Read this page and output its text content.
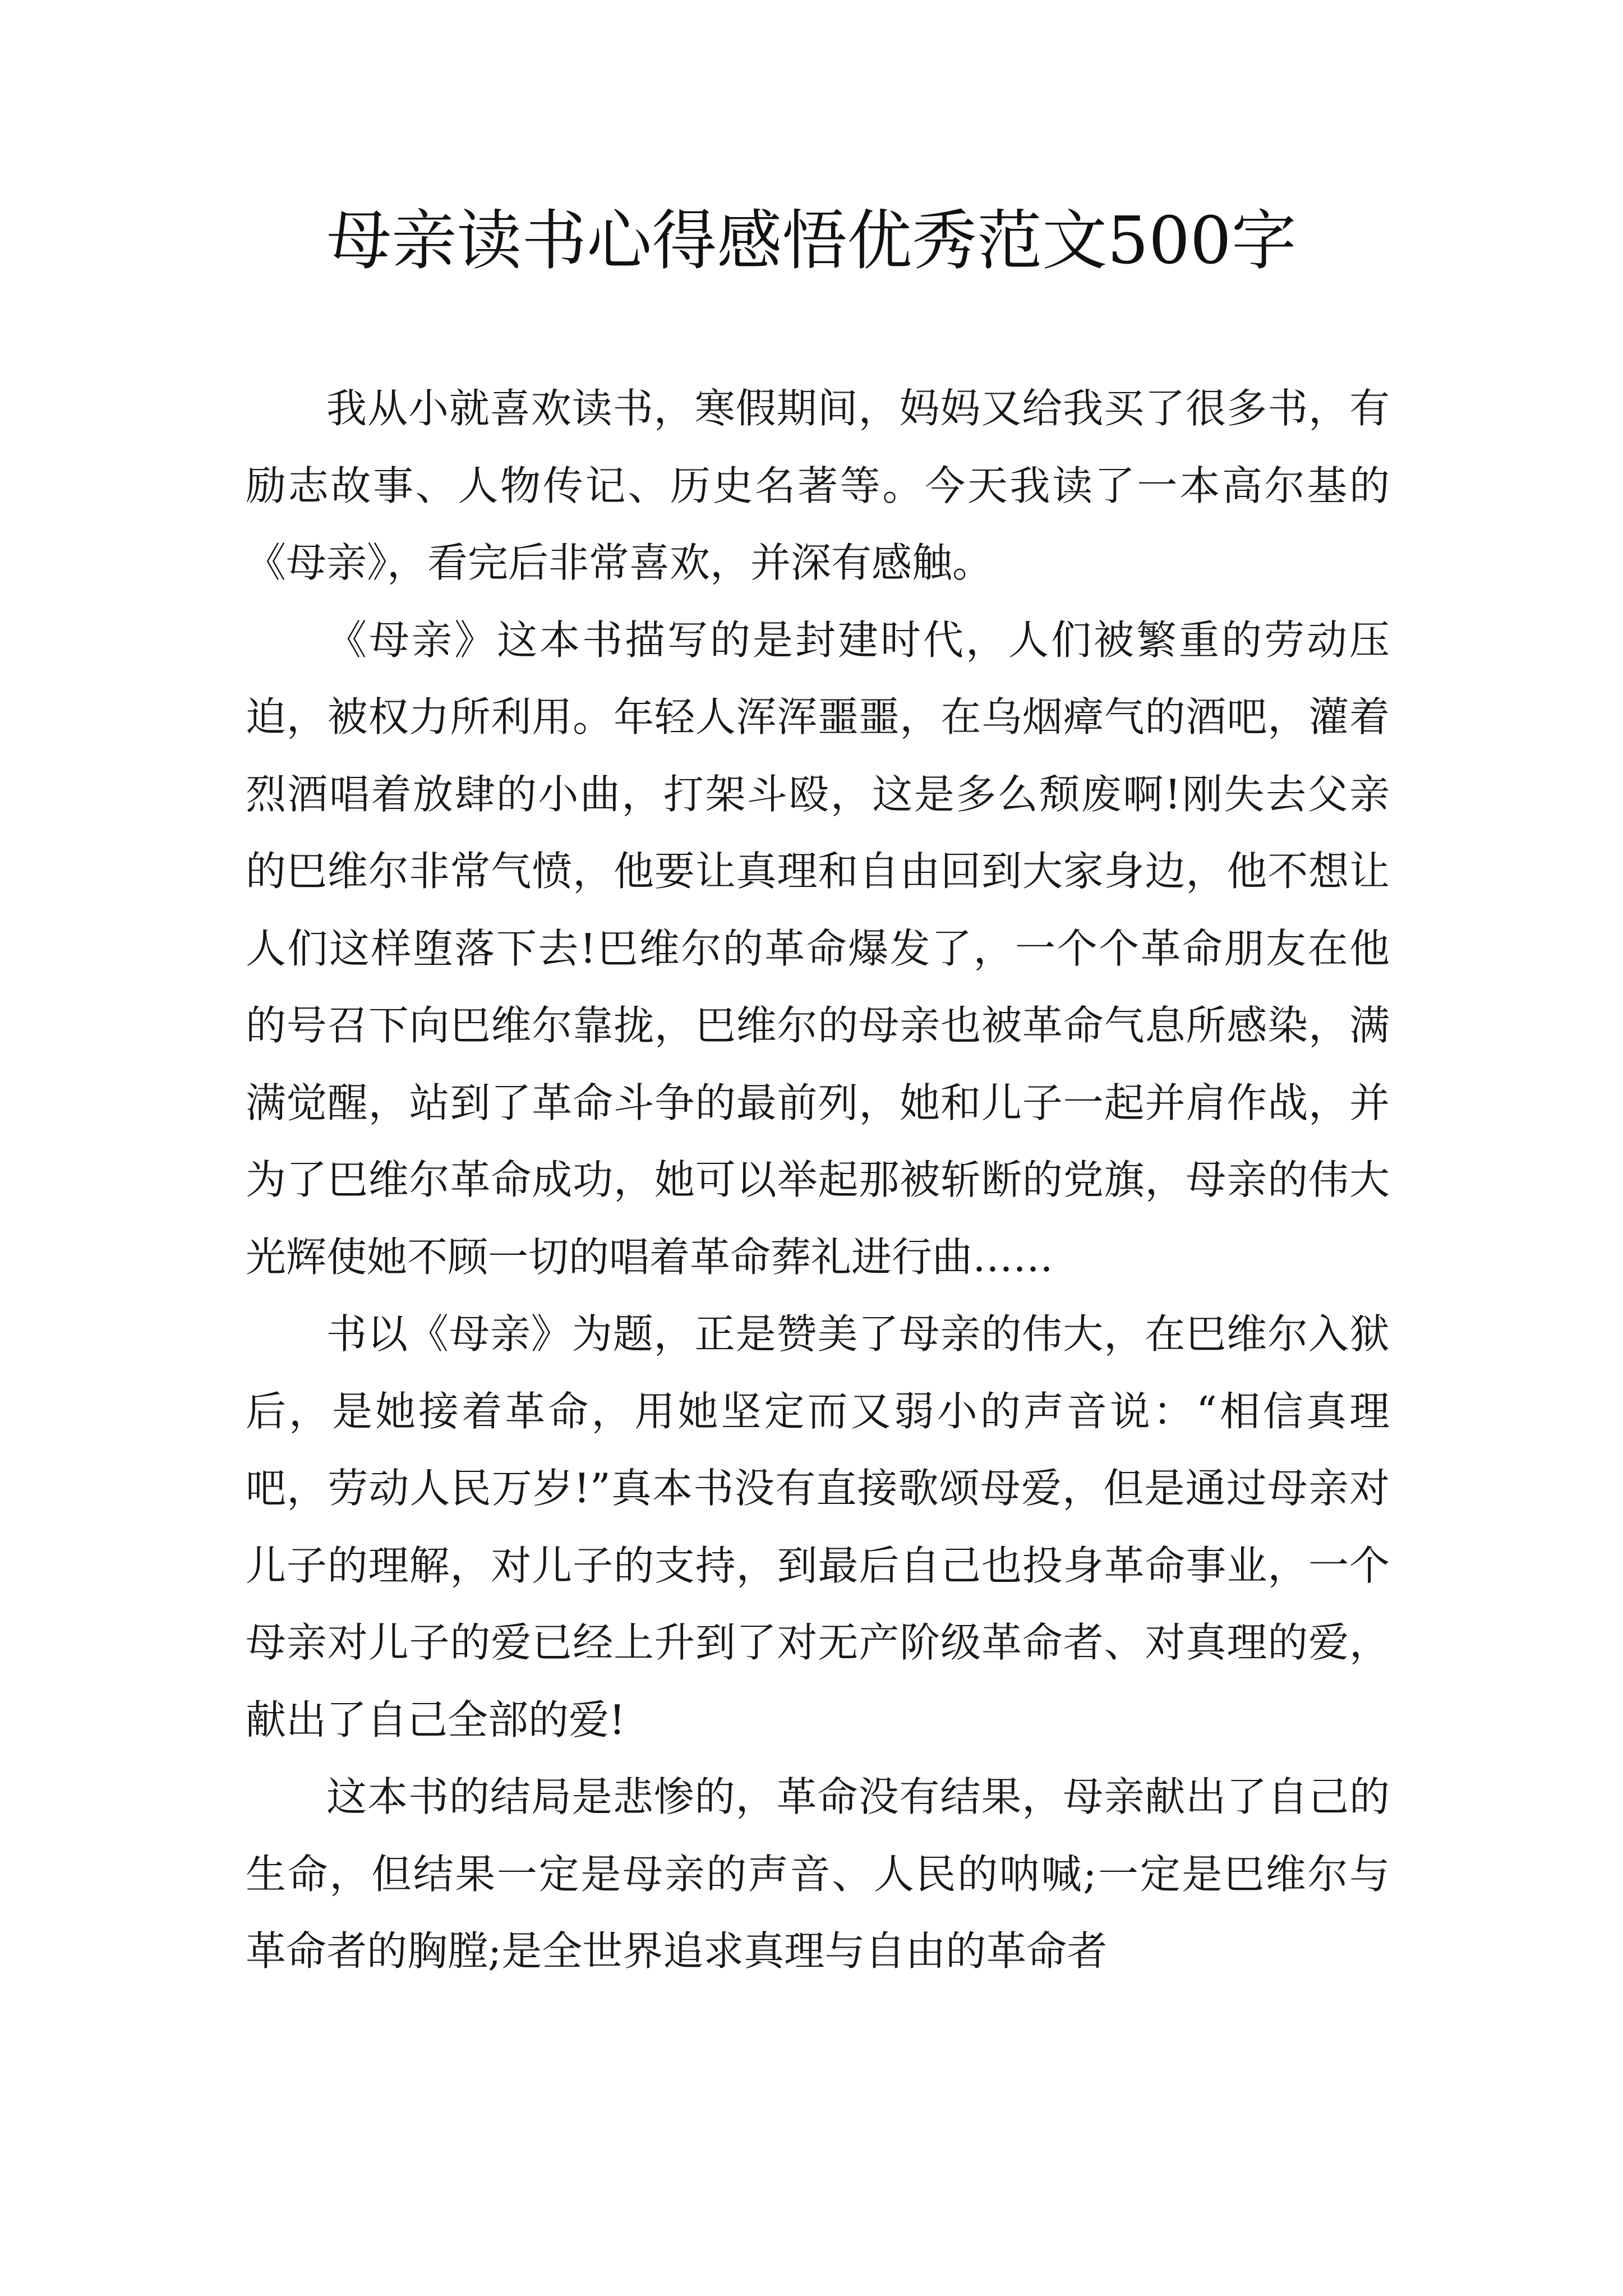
母亲读书心得感悟优秀范文500字

我从小就喜欢读书，寒假期间，妈妈又给我买了很多书，有励志故事、人物传记、历史名著等。今天我读了一本高尔基的《母亲》，看完后非常喜欢，并深有感触。

《母亲》这本书描写的是封建时代，人们被繁重的劳动压迫，被权力所利用。年轻人浑浑噩噩，在乌烟瘴气的酒吧，灌着烈酒唱着放肆的小曲，打架斗殴，这是多么颓废啊!刚失去父亲的巴维尔非常气愤，他要让真理和自由回到大家身边，他不想让人们这样堕落下去!巴维尔的革命爆发了，一个个革命朋友在他的号召下向巴维尔靠拢，巴维尔的母亲也被革命气息所感染，满满觉醒，站到了革命斗争的最前列，她和儿子一起并肩作战，并为了巴维尔革命成功，她可以举起那被斩断的党旗，母亲的伟大光辉使她不顾一切的唱着革命葬礼进行曲……

书以《母亲》为题，正是赞美了母亲的伟大，在巴维尔入狱后，是她接着革命，用她坚定而又弱小的声音说：“相信真理吧，劳动人民万岁!”真本书没有直接歌颂母爱，但是通过母亲对儿子的理解，对儿子的支持，到最后自己也投身革命事业，一个母亲对儿子的爱已经上升到了对无产阶级革命者、对真理的爱，献出了自己全部的爱!

这本书的结局是悲惨的，革命没有结果，母亲献出了自己的生命，但结果一定是母亲的声音、人民的呐喊;一定是巴维尔与革命者的胸膛;是全世界追求真理与自由的革命者
